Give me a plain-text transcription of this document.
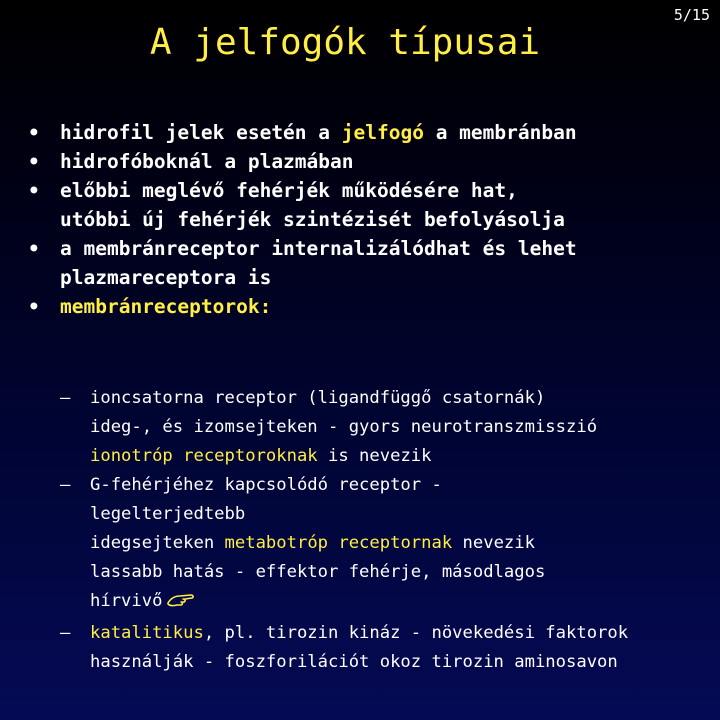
A jelfogók típusai
5/15
• hidrofil jelek esetén a jelfogó a membránban
• hidrofóboknál a plazmában
• előbbi meglévő fehérjék működésére hat,
utóbbi új fehérjék szintézisét befolyásolja
• a membránreceptor internalizálódhat és lehet
plazmareceptora is
• membránreceptorok:
– ioncsatorna receptor (ligandfüggő csatornák)
ideg-, és izomsejteken - gyors neurotranszmisszió
ionotróp receptoroknak is nevezik
– G-fehérjéhez kapcsolódó receptor -
legelterjedtebb
idegsejteken metabotróp receptornak nevezik
lassabb hatás - effektor fehérje, másodlagos
hírvivő
– katalitikus, pl. tirozin kináz - növekedési faktorok
használják - foszforilációt okoz tirozin aminosavon
